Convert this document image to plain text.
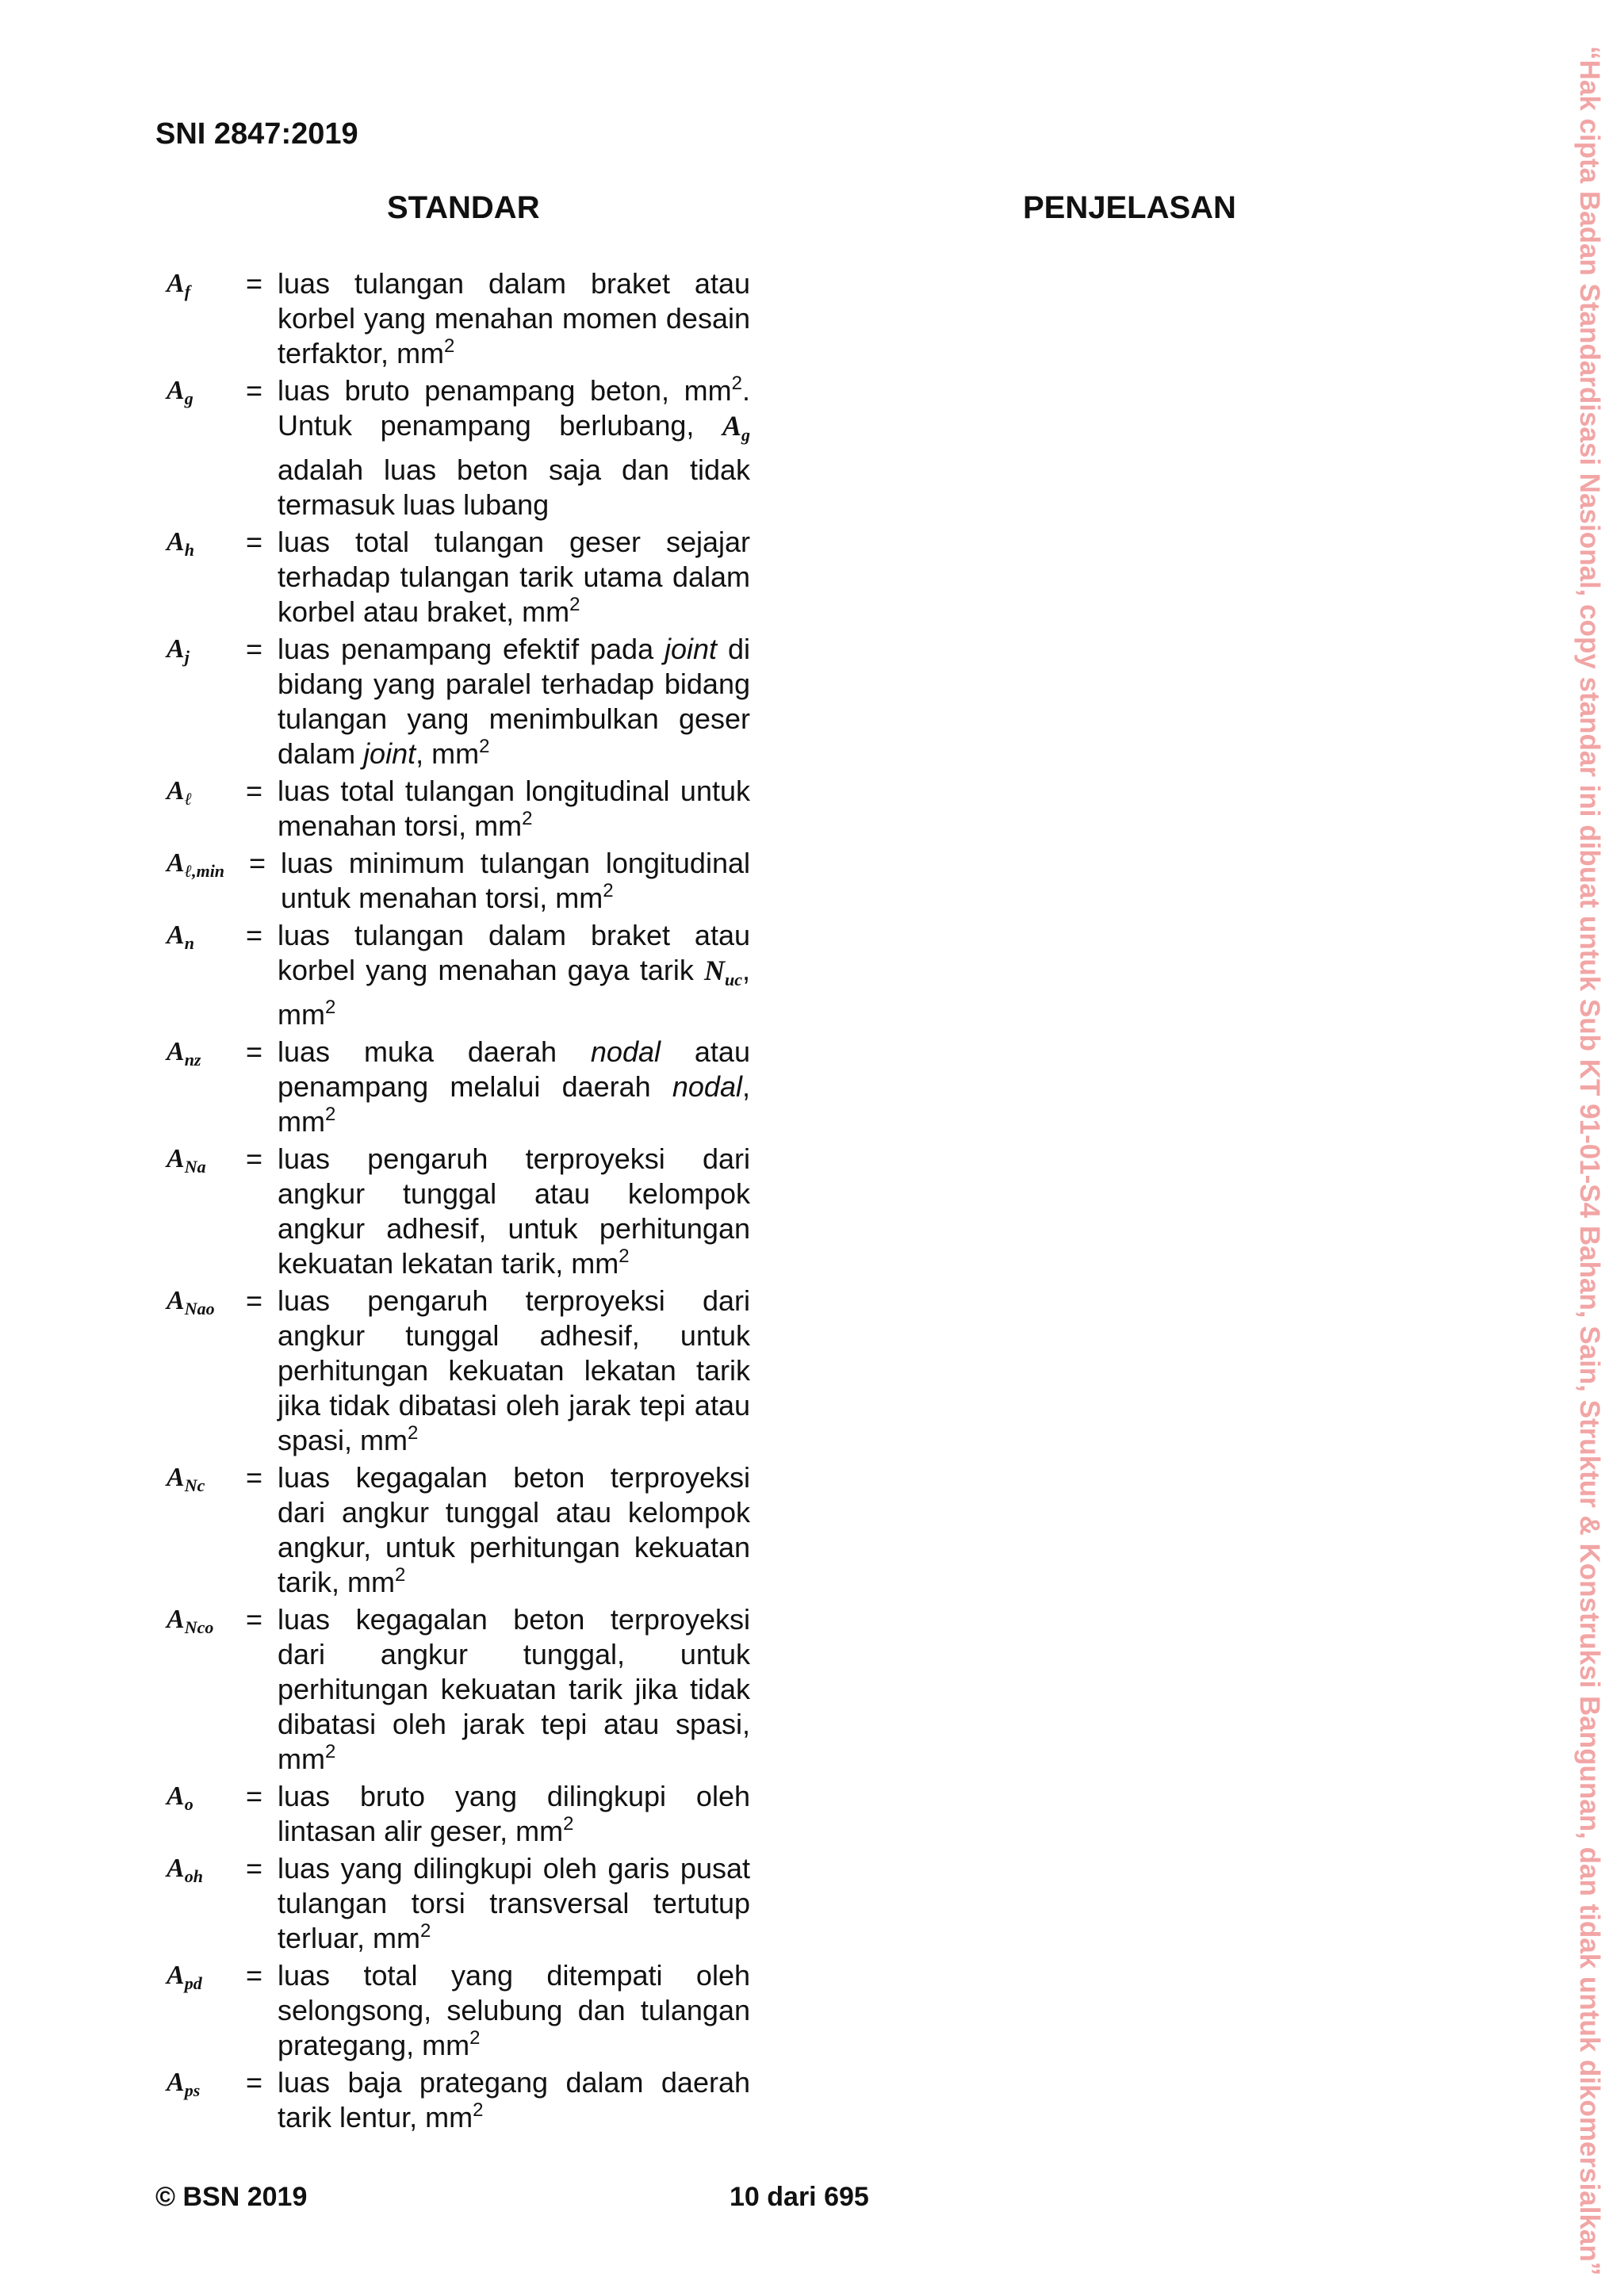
SNI 2847:2019
STANDAR	PENJELASAN
$A_f$	= luas tulangan dalam braket atau korbel yang menahan momen desain terfaktor, $mm^2$
$A_g$	= luas bruto penampang beton, $mm^2$. Untuk penampang berlubang, $A_g$ adalah luas beton saja dan tidak termasuk luas lubang
$A_h$	= luas total tulangan geser sejajar terhadap tulangan tarik utama dalam korbel atau braket, $mm^2$
$A_j$	= luas penampang efektif pada joint di bidang yang paralel terhadap bidang tulangan yang menimbulkan geser dalam joint, $mm^2$
$A_\ell$	= luas total tulangan longitudinal untuk menahan torsi, $mm^2$
$A_{\ell,min}$ = luas minimum tulangan longitudinal untuk menahan torsi, $mm^2$
$A_n$	= luas tulangan dalam braket atau korbel yang menahan gaya tarik $N_{uc}$, $mm^2$
$A_{nz}$	= luas muka daerah nodal atau penampang melalui daerah nodal, $mm^2$
$A_{Na}$	= luas pengaruh terproyeksi dari angkur tunggal atau kelompok angkur adhesif, untuk perhitungan kekuatan lekatan tarik, $mm^2$
$A_{Nao}$	= luas pengaruh terproyeksi dari angkur tunggal adhesif, untuk perhitungan kekuatan lekatan tarik jika tidak dibatasi oleh jarak tepi atau spasi, $mm^2$
$A_{Nc}$	= luas kegagalan beton terproyeksi dari angkur tunggal atau kelompok angkur, untuk perhitungan kekuatan tarik, $mm^2$
$A_{Nco}$	= luas kegagalan beton terproyeksi dari angkur tunggal, untuk perhitungan kekuatan tarik jika tidak dibatasi oleh jarak tepi atau spasi, $mm^2$
$A_o$	= luas bruto yang dilingkupi oleh lintasan alir geser, $mm^2$
$A_{oh}$	= luas yang dilingkupi oleh garis pusat tulangan torsi transversal tertutup terluar, $mm^2$
$A_{pd}$	= luas total yang ditempati oleh selongsong, selubung dan tulangan prategang, $mm^2$
$A_{ps}$	= luas baja prategang dalam daerah tarik lentur, $mm^2$
© BSN 2019	10 dari 695	“Hak cipta Badan Standardisasi Nasional, copy standar ini dibuat untuk Sub KT 91-01-S4 Bahan, Sain, Struktur & Konstruksi Bangunan, dan tidak untuk dikomersialkan”
